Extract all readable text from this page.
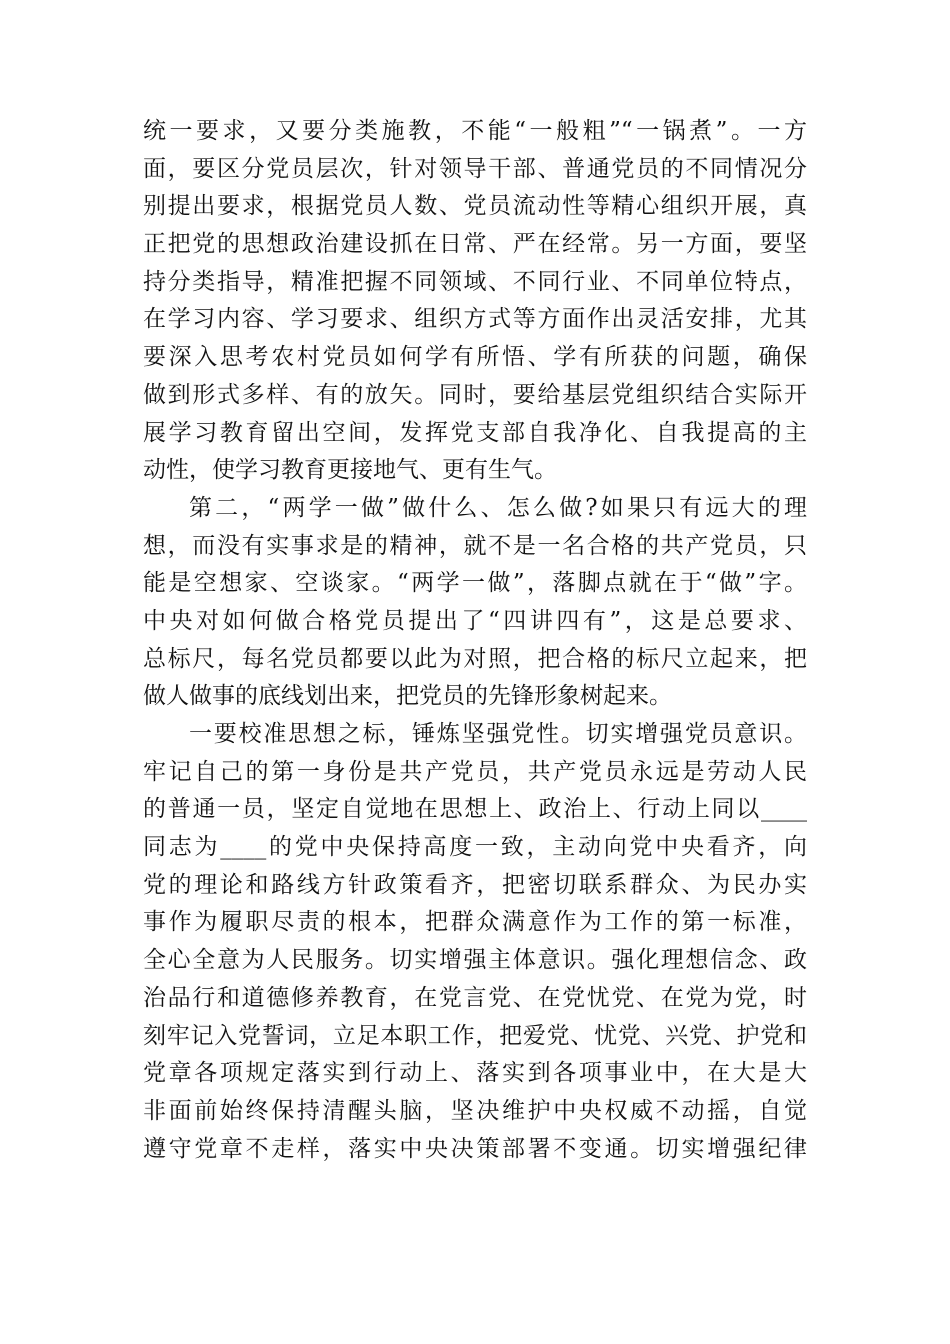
统一要求，又要分类施教，不能“一般粗”“一锅煮”。一方
面，要区分党员层次，针对领导干部、普通党员的不同情况分
别提出要求，根据党员人数、党员流动性等精心组织开展，真
正把党的思想政治建设抓在日常、严在经常。另一方面，要坚
持分类指导，精准把握不同领域、不同行业、不同单位特点，
在学习内容、学习要求、组织方式等方面作出灵活安排，尤其
要深入思考农村党员如何学有所悟、学有所获的问题，确保
做到形式多样、有的放矢。同时，要给基层党组织结合实际开
展学习教育留出空间，发挥党支部自我净化、自我提高的主
动性，使学习教育更接地气、更有生气。
第二，“两学一做”做什么、怎么做?如果只有远大的理
想，而没有实事求是的精神，就不是一名合格的共产党员，只
能是空想家、空谈家。“两学一做”，落脚点就在于“做”字。
中央对如何做合格党员提出了“四讲四有”，这是总要求、
总标尺，每名党员都要以此为对照，把合格的标尺立起来，把
做人做事的底线划出来，把党员的先锋形象树起来。
一要校准思想之标，锤炼坚强党性。切实增强党员意识。
牢记自己的第一身份是共产党员，共产党员永远是劳动人民
的普通一员，坚定自觉地在思想上、政治上、行动上同以____
同志为____的党中央保持高度一致，主动向党中央看齐，向
党的理论和路线方针政策看齐，把密切联系群众、为民办实
事作为履职尽责的根本，把群众满意作为工作的第一标准，
全心全意为人民服务。切实增强主体意识。强化理想信念、政
治品行和道德修养教育，在党言党、在党忧党、在党为党，时
刻牢记入党誓词，立足本职工作，把爱党、忧党、兴党、护党和
党章各项规定落实到行动上、落实到各项事业中，在大是大
非面前始终保持清醒头脑，坚决维护中央权威不动摇，自觉
遵守党章不走样，落实中央决策部署不变通。切实增强纪律
